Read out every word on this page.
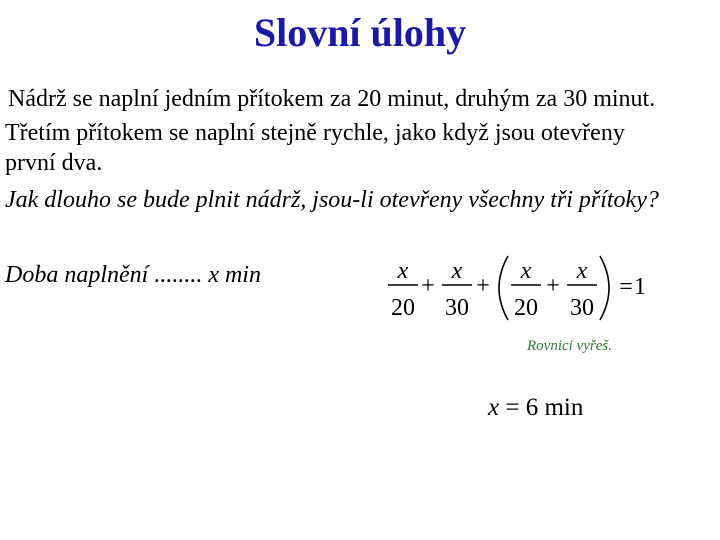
Slovní úlohy
Nádrž se naplní jedním přítokem za 20 minut, druhým za 30 minut.
Třetím přítokem se naplní stejně rychle, jako když jsou otevřeny
první dva.
Jak dlouho se bude plnit nádrž, jsou-li otevřeny všechny tři přítoky?
Doba naplnění ........ x min	x
20
+
x
30
+
x
20
+
x
30
= 1
Rovnici vyřeš.
x = 6 min
